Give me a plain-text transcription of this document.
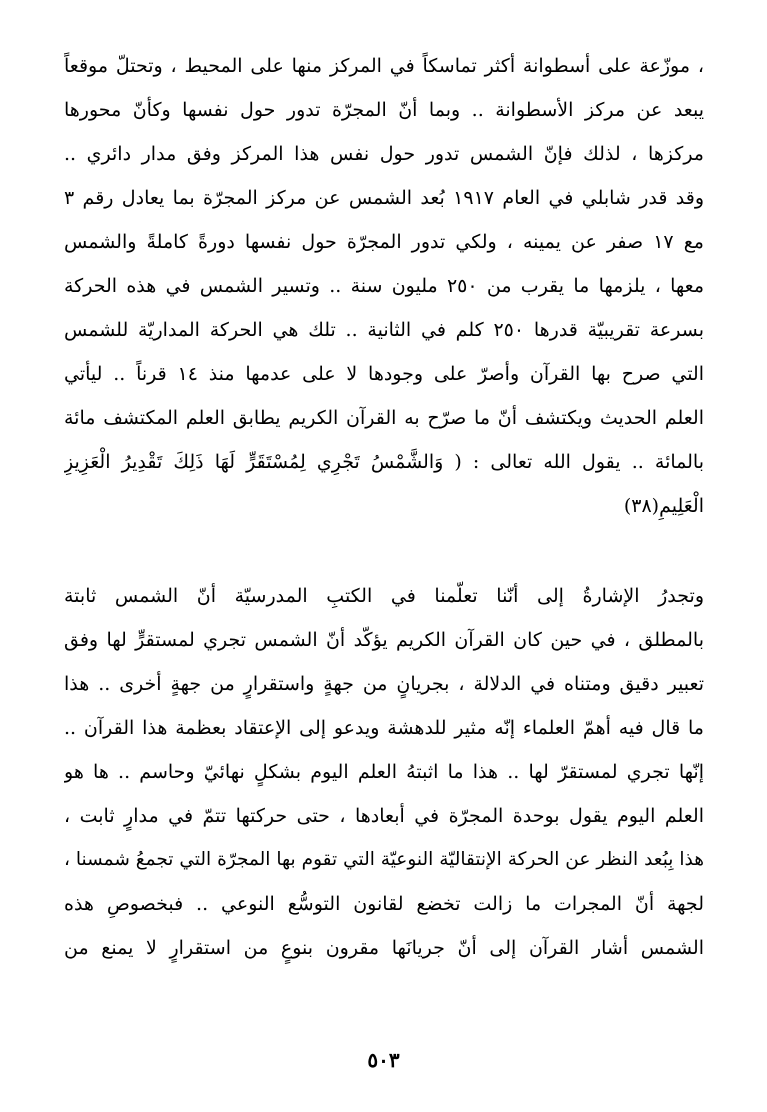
، موزّعة على أسطوانة أكثر تماسكاً في المركز منها على المحيط ، وتحتلّ موقعاً
يبعد عن مركز الأسطوانة .. وبما أنّ المجرّة تدور حول نفسها وكأنّ محورها
مركزها ، لذلك فإنّ الشمس تدور حول نفس هذا المركز وفق مدار دائري ..
وقد قدر شابلي في العام ١٩١٧ بُعد الشمس عن مركز المجرّة بما يعادل رقم ٣
مع ١٧ صفر عن يمينه ، ولكي تدور المجرّة حول نفسها دورةً كاملةً والشمس
معها ، يلزمها ما يقرب من ٢٥٠ مليون سنة .. وتسير الشمس في هذه الحركة
بسرعة تقريبيّة قدرها ٢٥٠ كلم في الثانية .. تلك هي الحركة المداريّة للشمس
التي صرح بها القرآن وأصرّ على وجودها لا على عدمها منذ ١٤ قرناً .. ليأتي
العلم الحديث ويكتشف أنّ ما صرّح به القرآن الكريم يطابق العلم المكتشف مائة
بالمائة .. يقول الله تعالى : ( وَالشَّمْسُ تَجْرِي لِمُسْتَقَرٍّ لَهَا ذَلِكَ تَقْدِيرُ الْعَزِيزِ
الْعَلِيمِ(٣٨)
وتجدرُ الإشارةُ إلى أنّنا تعلّمنا في الكتبِ المدرسيّة أنّ الشمس ثابتة
بالمطلق ، في حين كان القرآن الكريم يؤكّد أنّ الشمس تجري لمستقرٍّ لها وفق
تعبير دقيق ومتناه في الدلالة ، بجريانٍ من جهةٍ واستقرارٍ من جهةٍ أخرى .. هذا
ما قال فيه أهمّ العلماء إنّه مثير للدهشة ويدعو إلى الإعتقاد بعظمة هذا القرآن ..
إنّها تجري لمستقرّ لها .. هذا ما اثبتهُ العلم اليوم بشكلٍ نهائيّ وحاسم .. ها هو
العلم اليوم يقول بوحدة المجرّة في أبعادها ، حتى حركتها تتمّ في مدارٍ ثابت ،
هذا بِبُعد النظر عن الحركة الإنتقاليّة النوعيّة التي تقوم بها المجرّة التي تجمعُ شمسنا ،
لجهة أنّ المجرات ما زالت تخضع لقانون التوسُّع النوعي .. فبخصوصِ هذه
الشمس أشار القرآن إلى أنّ جريانَها مقرون بنوعٍ من استقرارٍ لا يمنع من
٥٠٣
